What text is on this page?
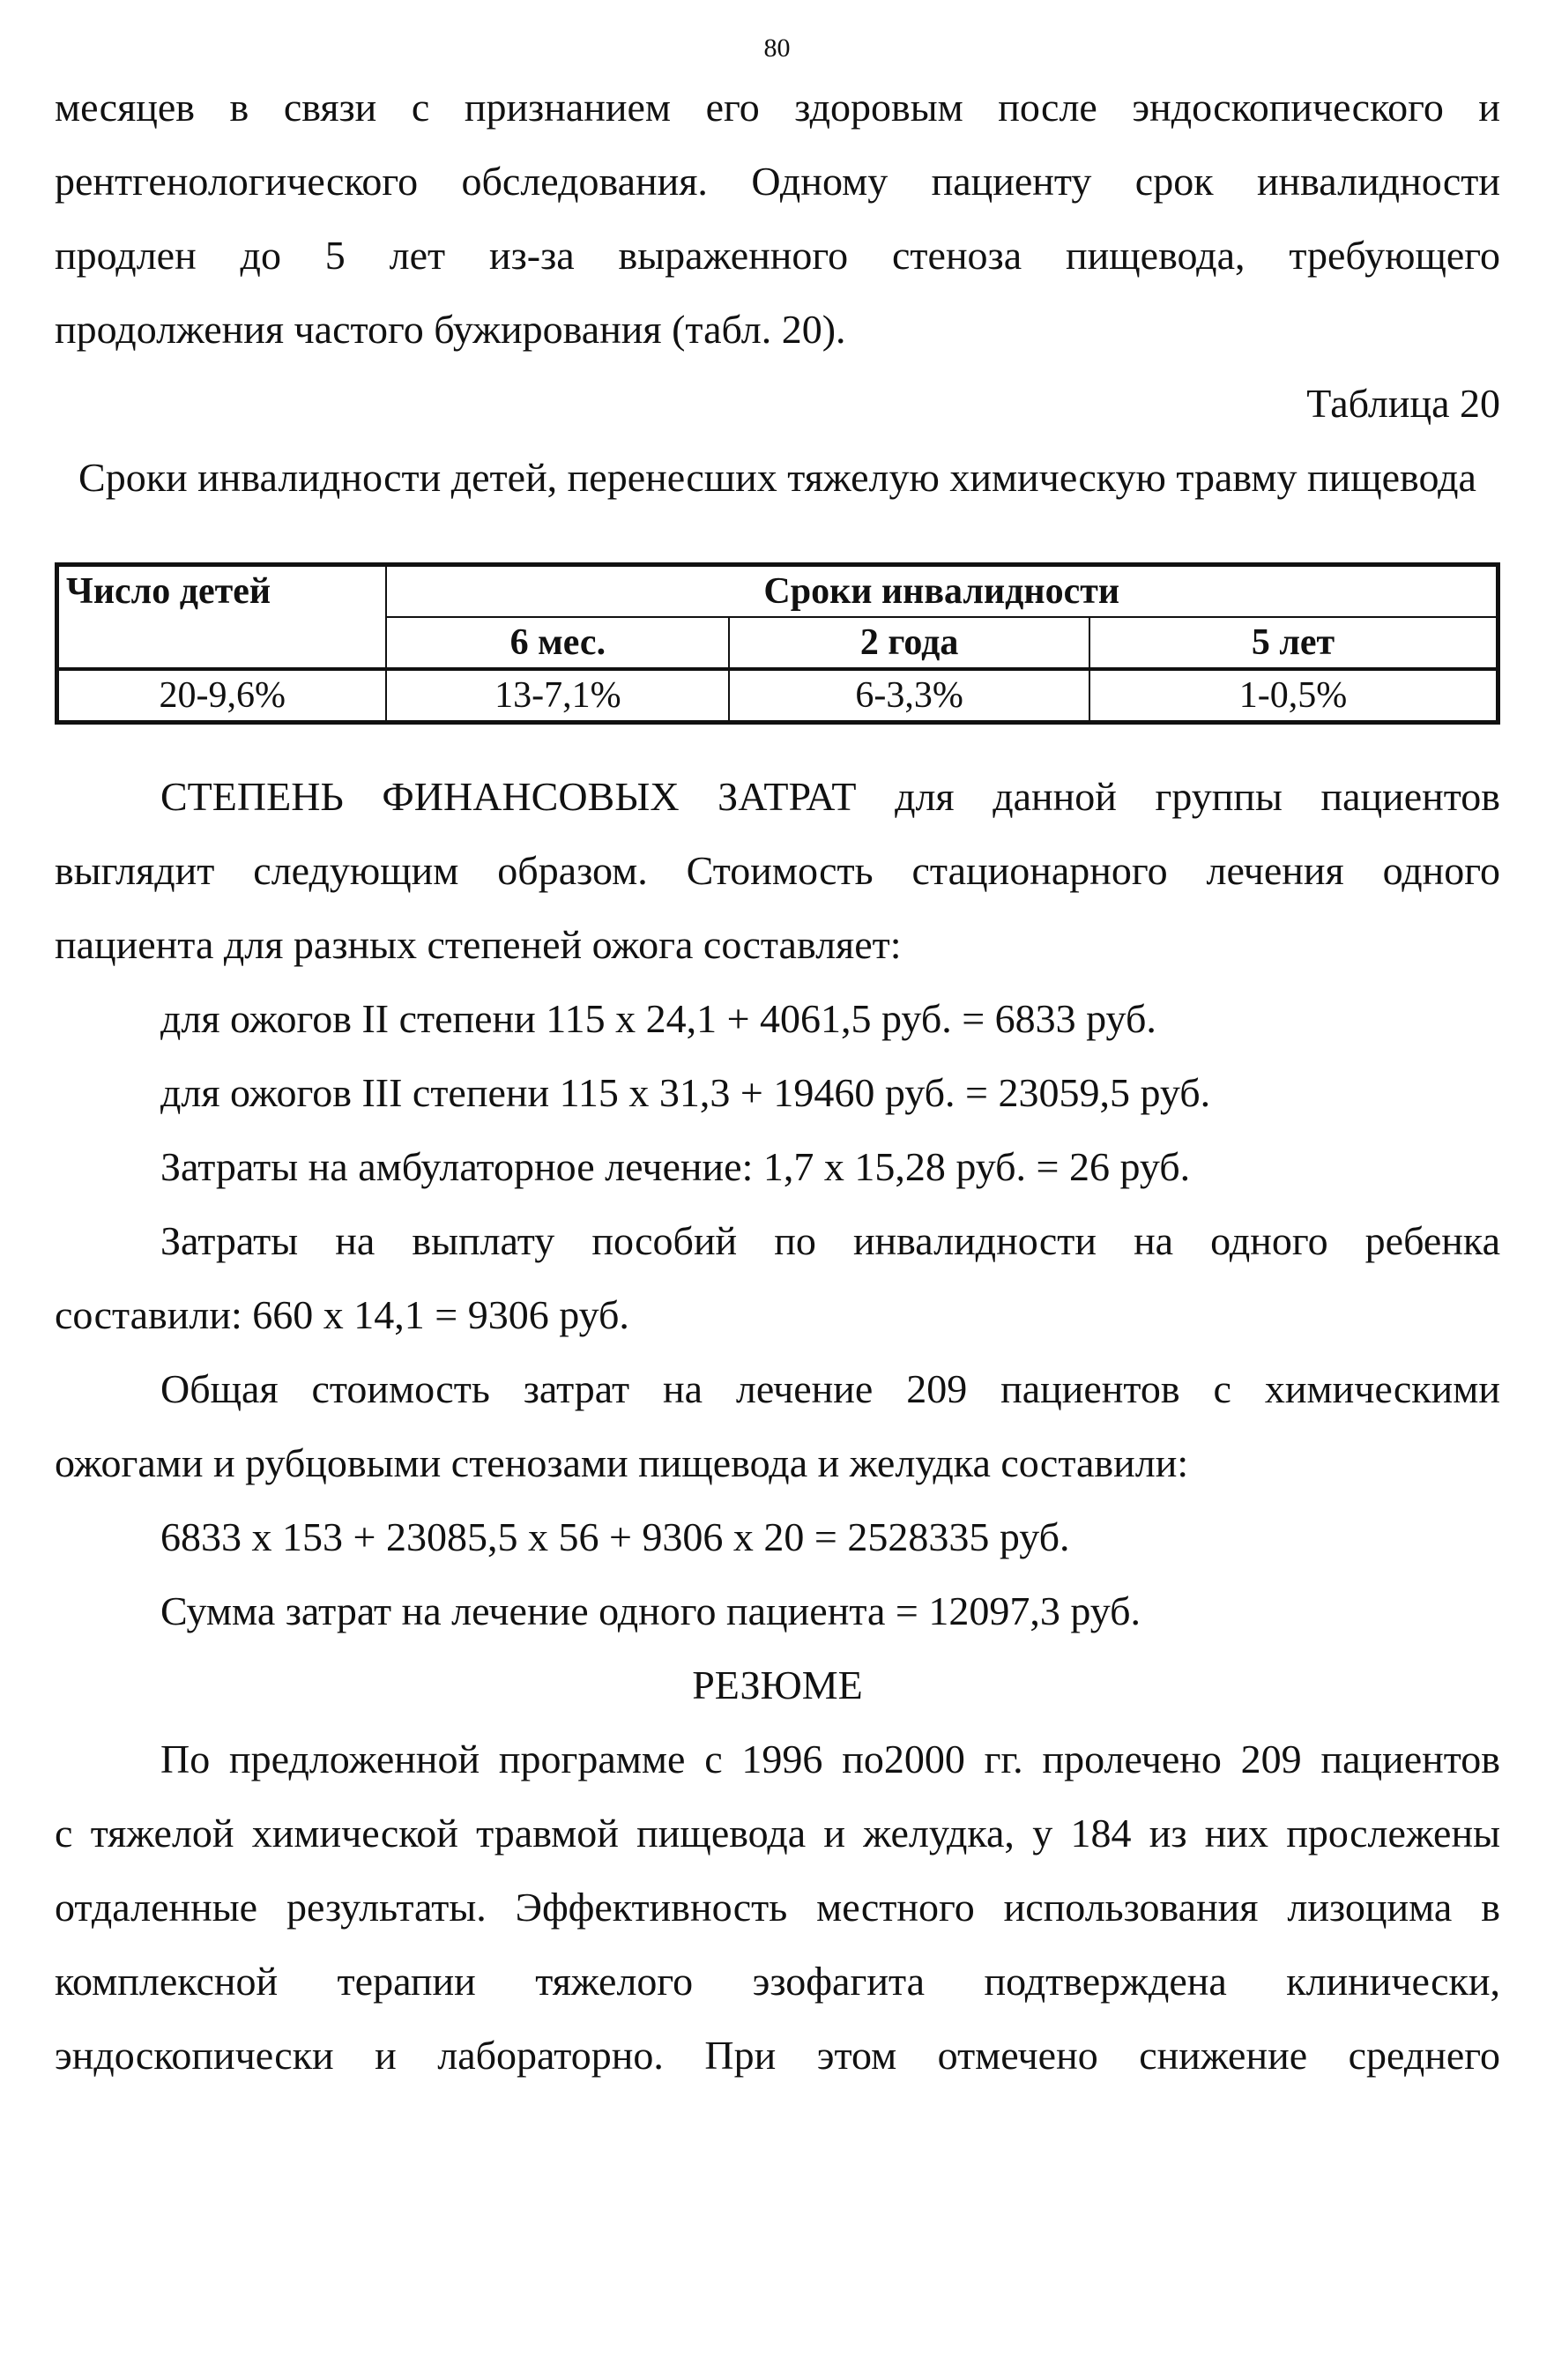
80
месяцев в связи с признанием его здоровым после эндоскопического и
рентгенологического обследования. Одному пациенту срок инвалидности
продлен до 5 лет из-за выраженного стеноза пищевода, требующего
продолжения частого бужирования (табл. 20).
Таблица 20
Сроки инвалидности детей, перенесших тяжелую химическую травму пищевода
Число детей	Сроки инвалидности		
	6 мес.	2 года	5 лет
20-9,6%	13-7,1%	6-3,3%	1-0,5%
СТЕПЕНЬ ФИНАНСОВЫХ ЗАТРАТ для данной группы пациентов
выглядит следующим образом. Стоимость стационарного лечения одного
пациента для разных степеней ожога составляет:
для ожогов II степени 115 х 24,1 + 4061,5 руб. = 6833 руб.
для ожогов III степени 115 х 31,3 + 19460 руб. = 23059,5 руб.
Затраты на амбулаторное лечение: 1,7 х 15,28 руб. = 26 руб.
Затраты на выплату пособий по инвалидности на одного ребенка
составили: 660 х 14,1 = 9306 руб.
Общая стоимость затрат на лечение 209 пациентов с химическими
ожогами и рубцовыми стенозами пищевода и желудка составили:
6833 х 153 + 23085,5 х 56 + 9306 х 20 = 2528335 руб.
Сумма затрат на лечение одного пациента = 12097,3 руб.
РЕЗЮМЕ
По предложенной программе с 1996 по2000 гг. пролечено 209 пациентов
с тяжелой химической травмой пищевода и желудка, у 184 из них прослежены
отдаленные результаты. Эффективность местного использования лизоцима в
комплексной терапии тяжелого эзофагита подтверждена клинически,
эндоскопически и лабораторно. При этом отмечено снижение среднего
